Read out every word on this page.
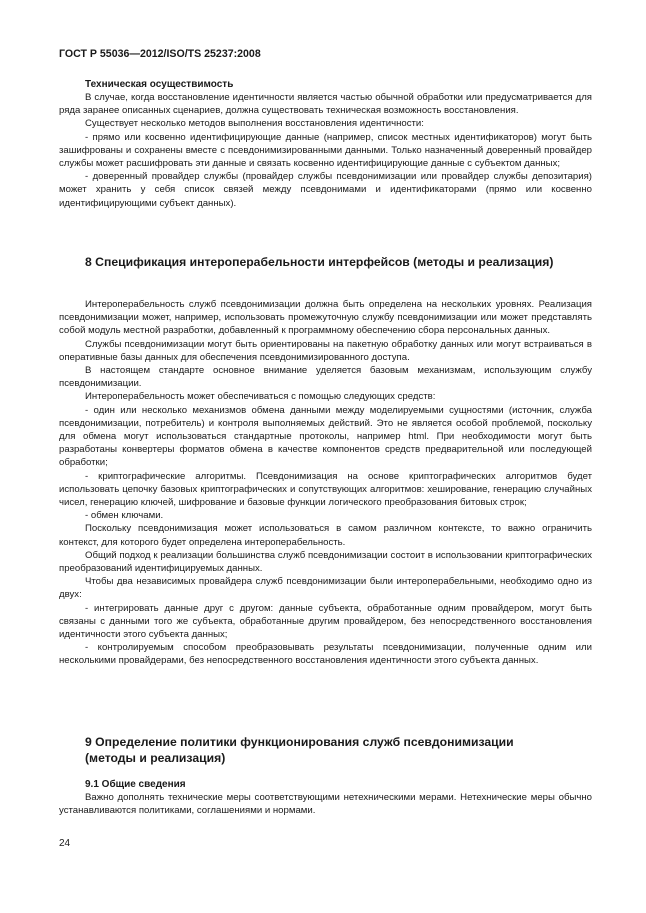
ГОСТ Р 55036—2012/ISO/TS 25237:2008
Техническая осуществимость

В случае, когда восстановление идентичности является частью обычной обработки или предусматривается для ряда заранее описанных сценариев, должна существовать техническая возможность восстановления.

Существует несколько методов выполнения восстановления идентичности:

- прямо или косвенно идентифицирующие данные (например, список местных идентификаторов) могут быть зашифрованы и сохранены вместе с псевдонимизированными данными. Только назначенный доверенный провайдер службы может расшифровать эти данные и связать косвенно идентифицирующие данные с субъектом данных;

- доверенный провайдер службы (провайдер службы псевдонимизации или провайдер службы депозитария) может хранить у себя список связей между псевдонимами и идентификаторами (прямо или косвенно идентифицирующими субъект данных).

8 Спецификация интероперабельности интерфейсов (методы и реализация)

Интероперабельность служб псевдонимизации должна быть определена на нескольких уровнях. Реализация псевдонимизации может, например, использовать промежуточную службу псевдонимизации или может представлять собой модуль местной разработки, добавленный к программному обеспечению сбора персональных данных.

Службы псевдонимизации могут быть ориентированы на пакетную обработку данных или могут встраиваться в оперативные базы данных для обеспечения псевдонимизированного доступа.

В настоящем стандарте основное внимание уделяется базовым механизмам, использующим службу псевдонимизации.

Интероперабельность может обеспечиваться с помощью следующих средств:

- один или несколько механизмов обмена данными между моделируемыми сущностями (источник, служба псевдонимизации, потребитель) и контроля выполняемых действий. Это не является особой проблемой, поскольку для обмена могут использоваться стандартные протоколы, например html. При необходимости могут быть разработаны конвертеры форматов обмена в качестве компонентов средств предварительной или последующей обработки;

- криптографические алгоритмы. Псевдонимизация на основе криптографических алгоритмов будет использовать цепочку базовых криптографических и сопутствующих алгоритмов: хеширование, генерацию случайных чисел, генерацию ключей, шифрование и базовые функции логического преобразования битовых строк;

- обмен ключами.

Поскольку псевдонимизация может использоваться в самом различном контексте, то важно ограничить контекст, для которого будет определена интероперабельность.

Общий подход к реализации большинства служб псевдонимизации состоит в использовании криптографических преобразований идентифицируемых данных.

Чтобы два независимых провайдера служб псевдонимизации были интероперабельными, необходимо одно из двух:

- интегрировать данные друг с другом: данные субъекта, обработанные одним провайдером, могут быть связаны с данными того же субъекта, обработанные другим провайдером, без непосредственного восстановления идентичности этого субъекта данных;

- контролируемым способом преобразовывать результаты псевдонимизации, полученные одним или несколькими провайдерами, без непосредственного восстановления идентичности этого субъекта данных.

9 Определение политики функционирования служб псевдонимизации (методы и реализация)
9.1 Общие сведения

Важно дополнять технические меры соответствующими нетехническими мерами. Нетехнические меры обычно устанавливаются политиками, соглашениями и нормами.

24
